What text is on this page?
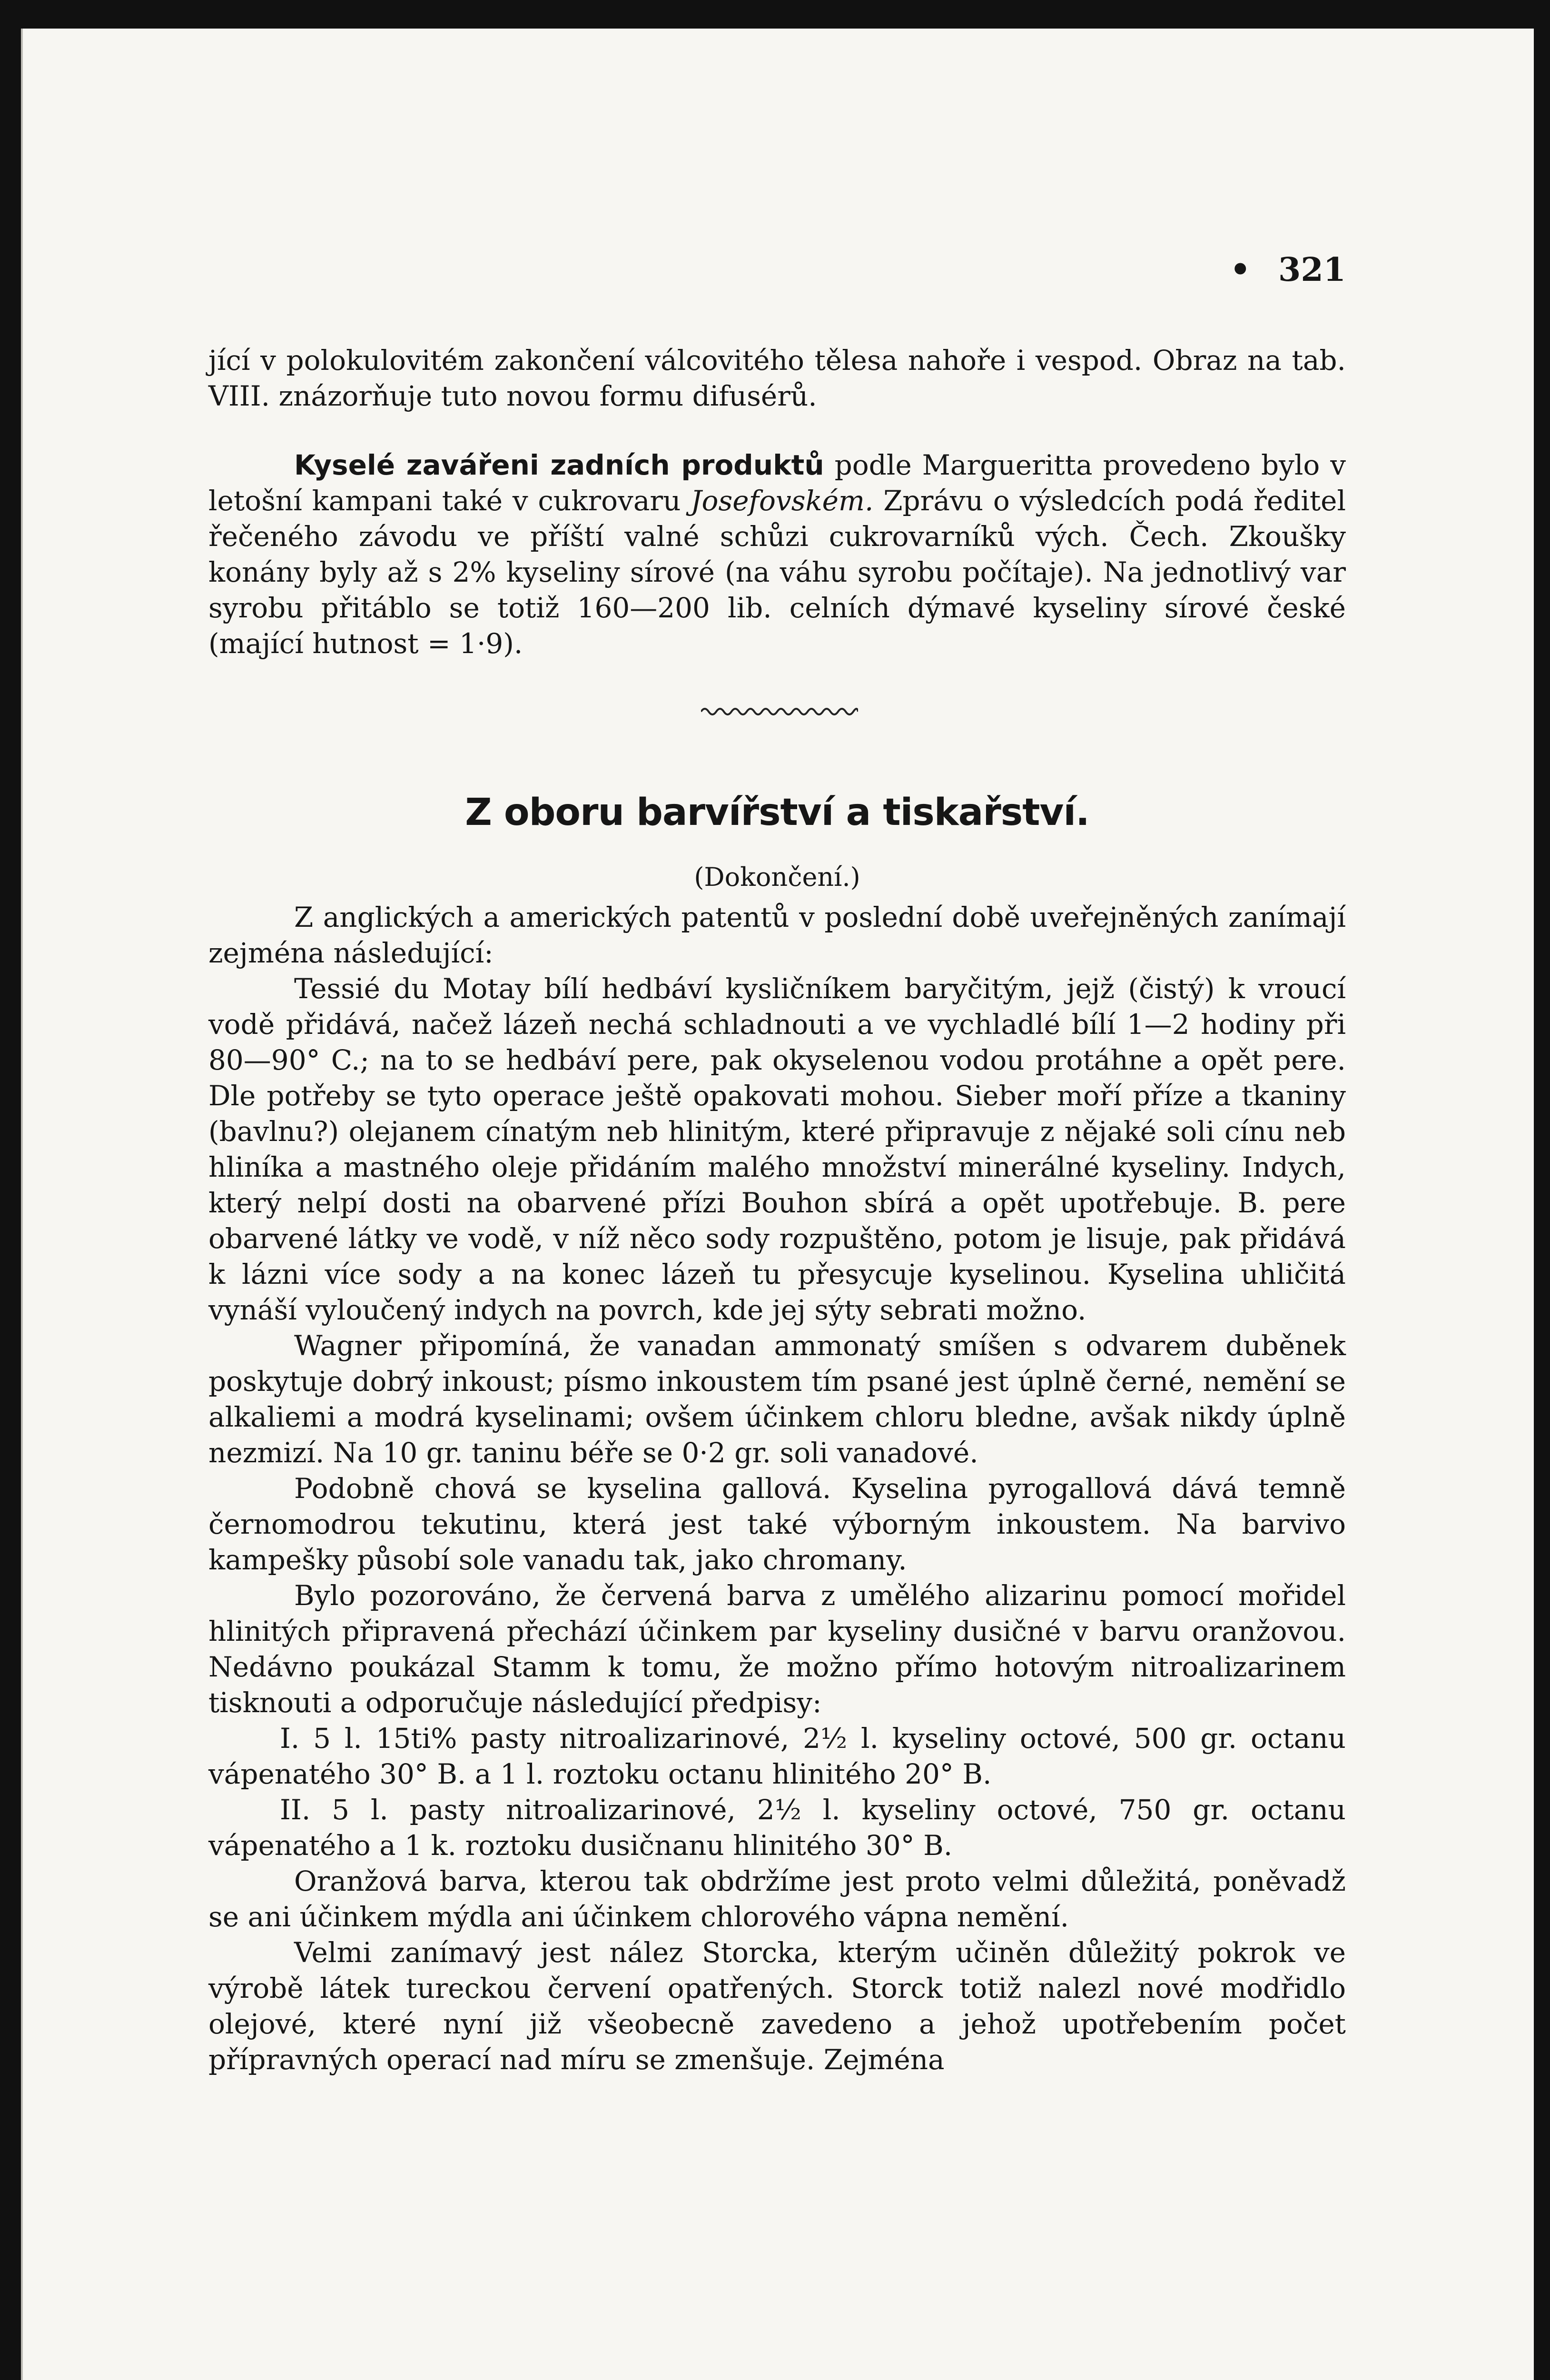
• 321

jící v polokulovitém zakončení válcovitého tělesa nahoře i vespod. Obraz na tab. VIII. znázorňuje tuto novou formu difusérů.

Kyselé zavářeni zadních produktů podle Margueritta provedeno bylo v letošní kampani také v cukrovaru Josefovském. Zprávu o výsledcích podá ředitel řečeného závodu ve příští valné schůzi cukrovarníků vých. Čech. Zkoušky konány byly až s 2% kyseliny sírové (na váhu syrobu počítaje). Na jednotlivý var syrobu přitáblo se totiž 160—200 lib. celních dýmavé kyseliny sírové české (mající hutnost = 1·9).

Z oboru barvířství a tiskařství.

(Dokončení.)

Z anglických a amerických patentů v poslední době uveřejněných zanímají zejména následující:

Tessié du Motay bílí hedbáví kysličníkem baryčitým, jejž (čistý) k vroucí vodě přidává, načež lázeň nechá schladnouti a ve vychladlé bílí 1—2 hodiny při 80—90° C.; na to se hedbáví pere, pak okyselenou vodou protáhne a opět pere. Dle potřeby se tyto operace ještě opakovati mohou. Sieber moří příze a tkaniny (bavlnu?) olejanem cínatým neb hlinitým, které připravuje z nějaké soli cínu neb hliníka a mastného oleje přidáním malého množství minerálné kyseliny. Indych, který nelpí dosti na obarvené přízi Bouhon sbírá a opět upotřebuje. B. pere obarvené látky ve vodě, v níž něco sody rozpuštěno, potom je lisuje, pak přidává k lázni více sody a na konec lázeň tu přesycuje kyselinou. Kyselina uhličitá vynáší vyloučený indych na povrch, kde jej sýty sebrati možno.

Wagner připomíná, že vanadan ammonatý smíšen s odvarem duběnek poskytuje dobrý inkoust; písmo inkoustem tím psané jest úplně černé, nemění se alkaliemi a modrá kyselinami; ovšem účinkem chloru bledne, avšak nikdy úplně nezmizí. Na 10 gr. taninu béře se 0·2 gr. soli vanadové.

Podobně chová se kyselina gallová. Kyselina pyrogallová dává temně černomodrou tekutinu, která jest také výborným inkoustem. Na barvivo kampešky působí sole vanadu tak, jako chromany.

Bylo pozorováno, že červená barva z umělého alizarinu pomocí mořidel hlinitých připravená přechází účinkem par kyseliny dusičné v barvu oranžovou. Nedávno poukázal Stamm k tomu, že možno přímo hotovým nitroalizarinem tisknouti a odporučuje následující předpisy:

I. 5 l. 15ti% pasty nitroalizarinové, 2½ l. kyseliny octové, 500 gr. octanu vápenatého 30° B. a 1 l. roztoku octanu hlinitého 20° B.

II. 5 l. pasty nitroalizarinové, 2½ l. kyseliny octové, 750 gr. octanu vápenatého a 1 k. roztoku dusičnanu hlinitého 30° B.

Oranžová barva, kterou tak obdržíme jest proto velmi důležitá, poněvadž se ani účinkem mýdla ani účinkem chlorového vápna nemění.

Velmi zanímavý jest nález Storcka, kterým učiněn důležitý pokrok ve výrobě látek tureckou červení opatřených. Storck totiž nalezl nové modřidlo olejové, které nyní již všeobecně zavedeno a jehož upotřebením počet přípravných operací nad míru se zmenšuje. Zejména
